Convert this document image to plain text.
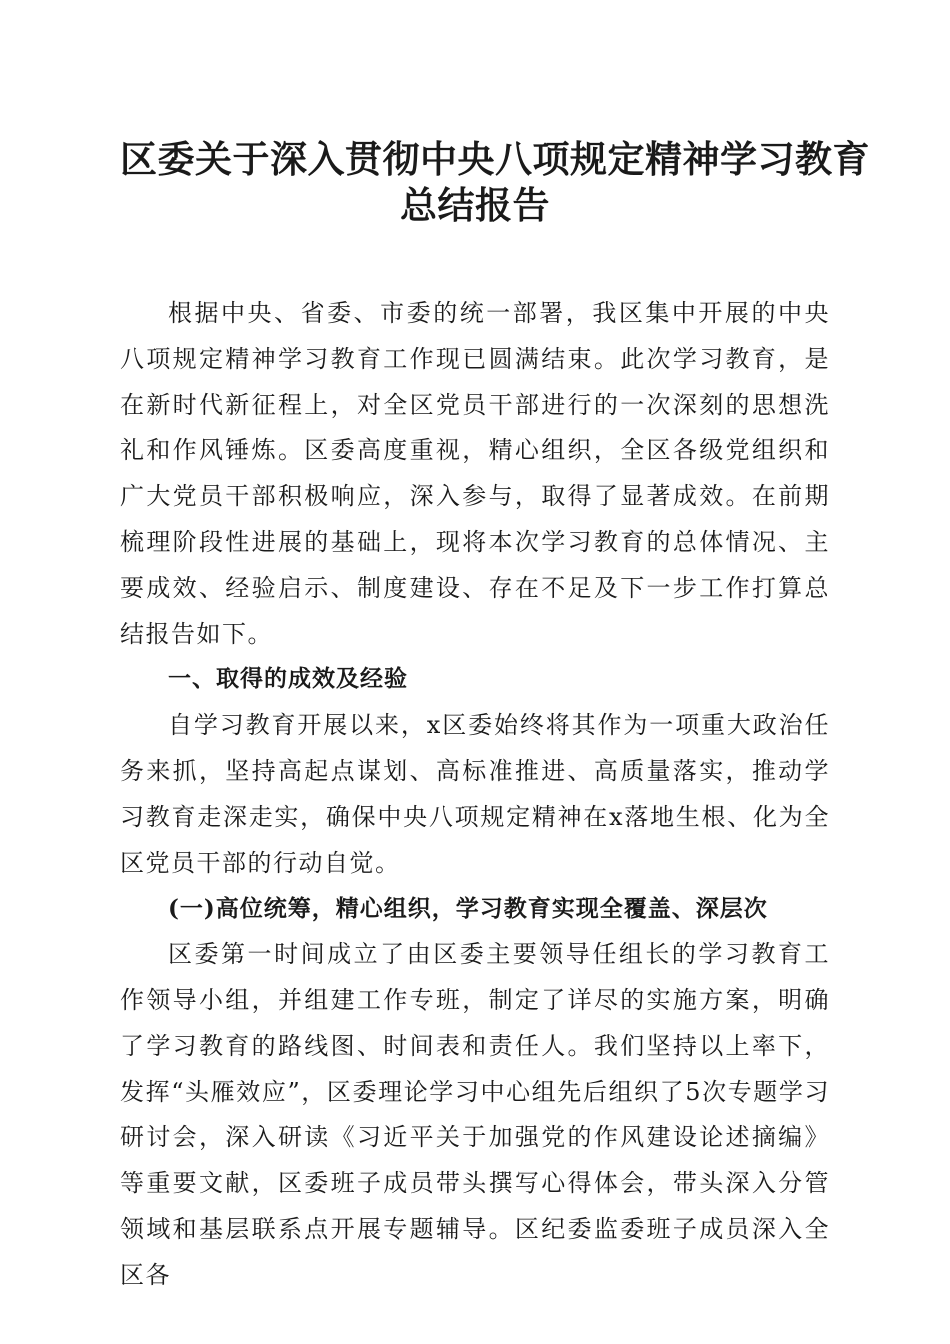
区委关于深入贯彻中央八项规定精神学习教育
总结报告

根据中央、省委、市委的统一部署，我区集中开展的中央八项规定精神学习教育工作现已圆满结束。此次学习教育，是在新时代新征程上，对全区党员干部进行的一次深刻的思想洗礼和作风锤炼。区委高度重视，精心组织，全区各级党组织和广大党员干部积极响应，深入参与，取得了显著成效。在前期梳理阶段性进展的基础上，现将本次学习教育的总体情况、主要成效、经验启示、制度建设、存在不足及下一步工作打算总结报告如下。

一、取得的成效及经验

自学习教育开展以来，x区委始终将其作为一项重大政治任务来抓，坚持高起点谋划、高标准推进、高质量落实，推动学习教育走深走实，确保中央八项规定精神在x落地生根、化为全区党员干部的行动自觉。

(一)高位统筹，精心组织，学习教育实现全覆盖、深层次

区委第一时间成立了由区委主要领导任组长的学习教育工作领导小组，并组建工作专班，制定了详尽的实施方案，明确了学习教育的路线图、时间表和责任人。我们坚持以上率下，发挥“头雁效应”，区委理论学习中心组先后组织了5次专题学习研讨会，深入研读《习近平关于加强党的作风建设论述摘编》等重要文献，区委班子成员带头撰写心得体会，带头深入分管领域和基层联系点开展专题辅导。区纪委监委班子成员深入全区各
